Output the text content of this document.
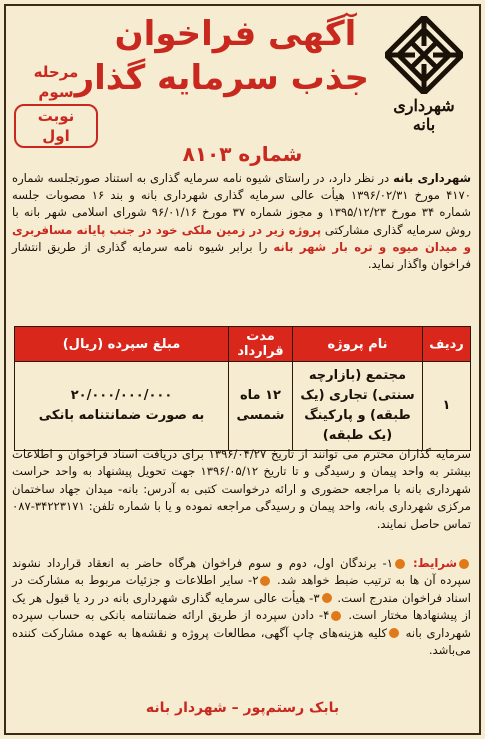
شهرداری بانه
آگهی فراخوان
جذب سرمایه گذار
مرحله سوم
نوبت اول
شماره ۸۱۰۳
شهرداری بانه در نظر دارد، در راستای شیوه نامه سرمایه گذاری به استناد صورتجلسه شماره ۴۱۷۰ مورخ ۱۳۹۶/۰۲/۳۱ هیأت عالی سرمایه گذاری شهرداری بانه و بند ۱۶ مصوبات جلسه شماره ۳۴ مورخ ۱۳۹۵/۱۲/۲۳ و مجوز شماره ۳۷ مورخ ۹۶/۰۱/۱۶ شورای اسلامی شهر بانه با روش سرمایه گذاری مشارکتی پروژه زیر در زمین ملکی خود در جنب پایانه مسافربری و میدان میوه و تره بار شهر بانه را برابر شیوه نامه سرمایه گذاری از طریق انتشار فراخوان واگذار نماید.
ردیف	نام پروژه	مدت قرارداد	مبلغ سپرده (ریال)
۱	مجتمع (بازارچه سنتی) تجاری (یک طبقه) و پارکینگ (یک طبقه)	۱۲ ماه شمسی	۲۰/۰۰۰/۰۰۰/۰۰۰
به صورت ضمانتنامه بانکی
سرمایه گذاران محترم می توانند از تاریخ ۱۳۹۶/۰۴/۲۷ برای دریافت اسناد فراخوان و اطلاعات بیشتر به واحد پیمان و رسیدگی و تا تاریخ ۱۳۹۶/۰۵/۱۲ جهت تحویل پیشنهاد به واحد حراست شهرداری بانه با مراجعه حضوری و ارائه درخواست کتبی به آدرس: بانه- میدان جهاد ساختمان مرکزی شهرداری بانه، واحد پیمان و رسیدگی مراجعه نموده و یا با شماره تلفن: ۳۴۲۲۳۱۷۱-۰۸۷ تماس حاصل نمایند.
شرایط: ۱- برندگان اول، دوم و سوم فراخوان هرگاه حاضر به انعقاد قرارداد نشوند سپرده آن ها به ترتیب ضبط خواهد شد. ۲- سایر اطلاعات و جزئیات مربوط به مشارکت در اسناد فراخوان مندرج است. ۳- هیأت عالی سرمایه گذاری شهرداری بانه در رد یا قبول هر یک از پیشنهادها مختار است. ۴- دادن سپرده از طریق ارائه ضمانتنامه بانکی به حساب سپرده شهرداری بانه کلیه هزینه‌های چاپ آگهی، مطالعات پروژه و نقشه‌ها به عهده مشارکت کننده می‌باشد.
بابک رستم‌پور – شهردار بانه
